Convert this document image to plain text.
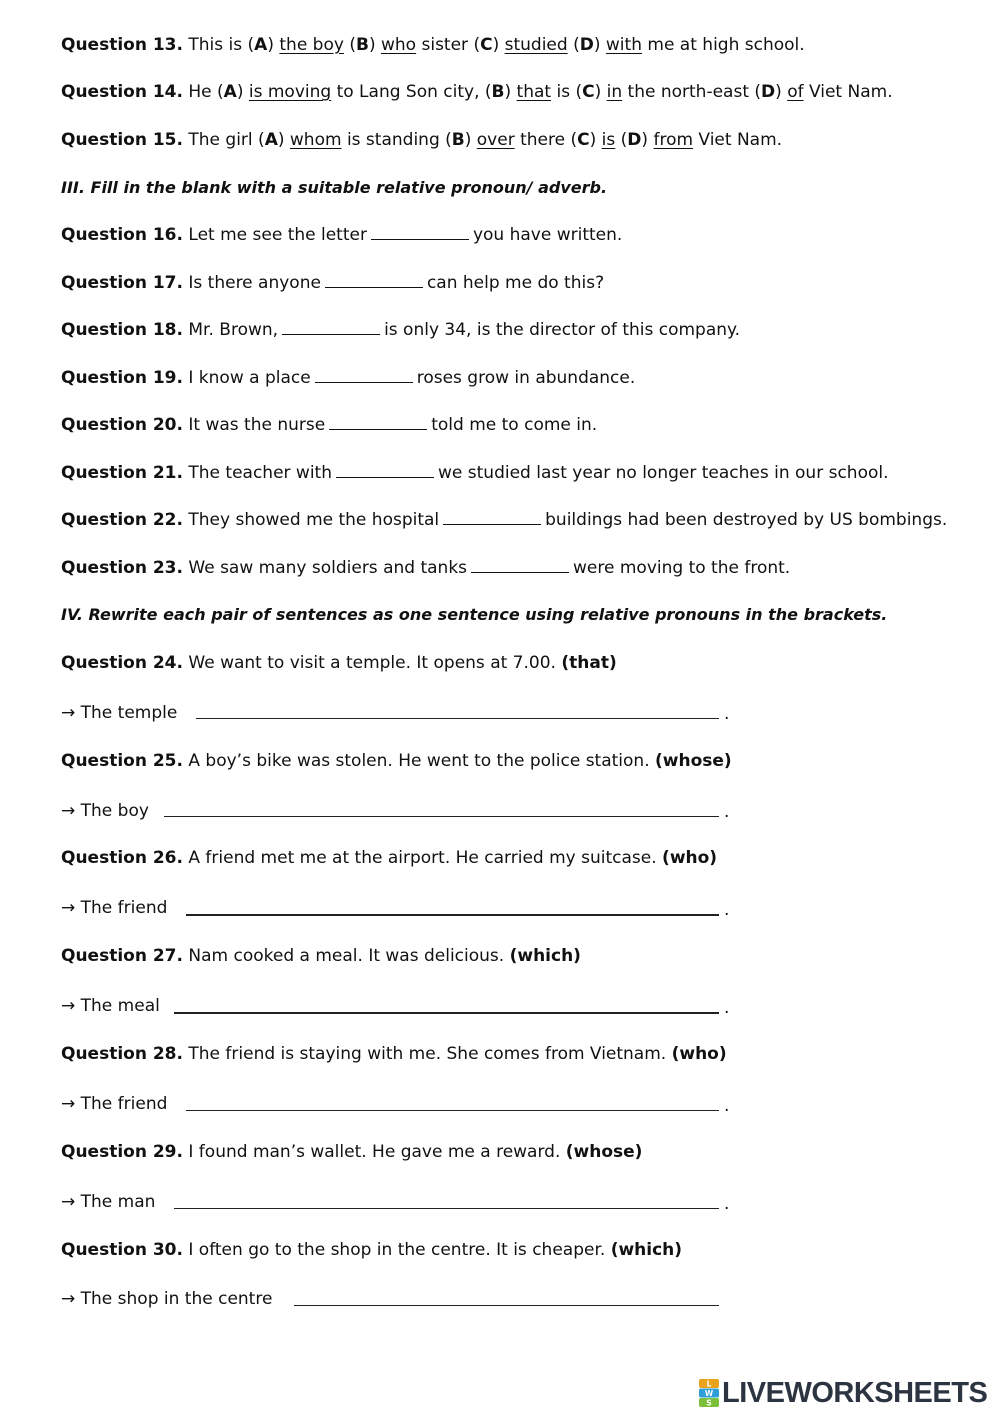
Question 13. This is (A) the boy (B) who sister (C) studied (D) with me at high school.
Question 14. He (A) is moving to Lang Son city, (B) that is (C) in the north-east (D) of Viet Nam.
Question 15. The girl (A) whom is standing (B) over there (C) is (D) from Viet Nam.
III. Fill in the blank with a suitable relative pronoun/ adverb.
Question 16. Let me see the letter	you have written.
Question 17. Is there anyone	can help me do this?
Question 18. Mr. Brown,	is only 34, is the director of this company.
Question 19. I know a place	roses grow in abundance.
Question 20. It was the nurse	told me to come in.
Question 21. The teacher with	we studied last year no longer teaches in our school.
Question 22. They showed me the hospital	buildings had been destroyed by US bombings.
Question 23. We saw many soldiers and tanks	were moving to the front.
IV. Rewrite each pair of sentences as one sentence using relative pronouns in the brackets.
Question 24. We want to visit a temple. It opens at 7.00. (that)
→ The temple	.
Question 25. A boy’s bike was stolen. He went to the police station. (whose)
→ The boy	.
Question 26. A friend met me at the airport. He carried my suitcase. (who)
→ The friend	.
Question 27. Nam cooked a meal. It was delicious. (which)
→ The meal	.
Question 28. The friend is staying with me. She comes from Vietnam. (who)
→ The friend	.
Question 29. I found man’s wallet. He gave me a reward. (whose)
→ The man	.
Question 30. I often go to the shop in the centre. It is cheaper. (which)
→ The shop in the centre
L
W
S LIVEWORKSHEETS
